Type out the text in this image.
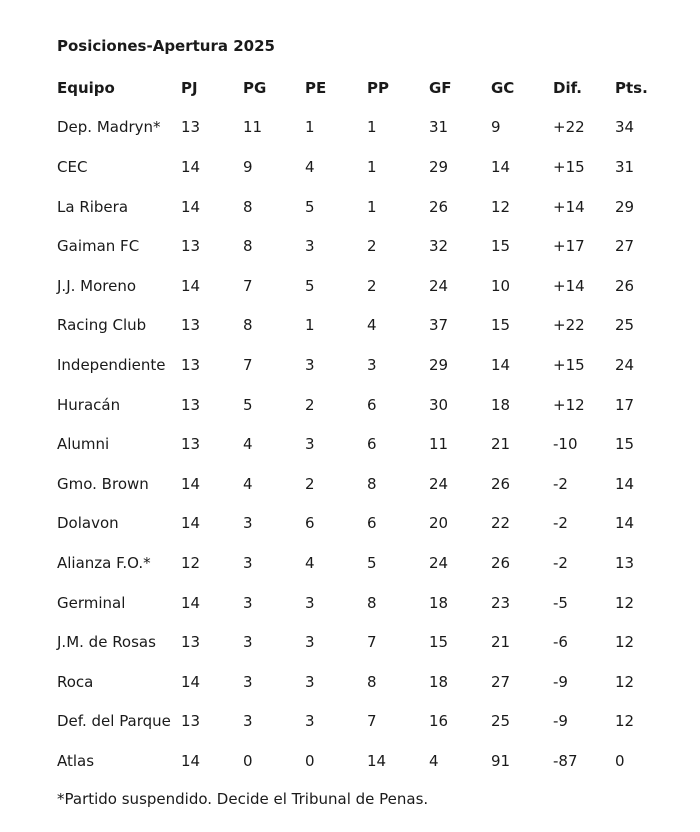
Posiciones-Apertura 2025
Equipo	PJ	PG	PE	PP	GF	GC	Dif.	Pts.
Dep. Madryn*	13	11	1	1	31	9	+22	34
CEC	14	9	4	1	29	14	+15	31
La Ribera	14	8	5	1	26	12	+14	29
Gaiman FC	13	8	3	2	32	15	+17	27
J.J. Moreno	14	7	5	2	24	10	+14	26
Racing Club	13	8	1	4	37	15	+22	25
Independiente	13	7	3	3	29	14	+15	24
Huracán	13	5	2	6	30	18	+12	17
Alumni	13	4	3	6	11	21	-10	15
Gmo. Brown	14	4	2	8	24	26	-2	14
Dolavon	14	3	6	6	20	22	-2	14
Alianza F.O.*	12	3	4	5	24	26	-2	13
Germinal	14	3	3	8	18	23	-5	12
J.M. de Rosas	13	3	3	7	15	21	-6	12
Roca	14	3	3	8	18	27	-9	12
Def. del Parque	13	3	3	7	16	25	-9	12
Atlas	14	0	0	14	4	91	-87	0
*Partido suspendido. Decide el Tribunal de Penas.
